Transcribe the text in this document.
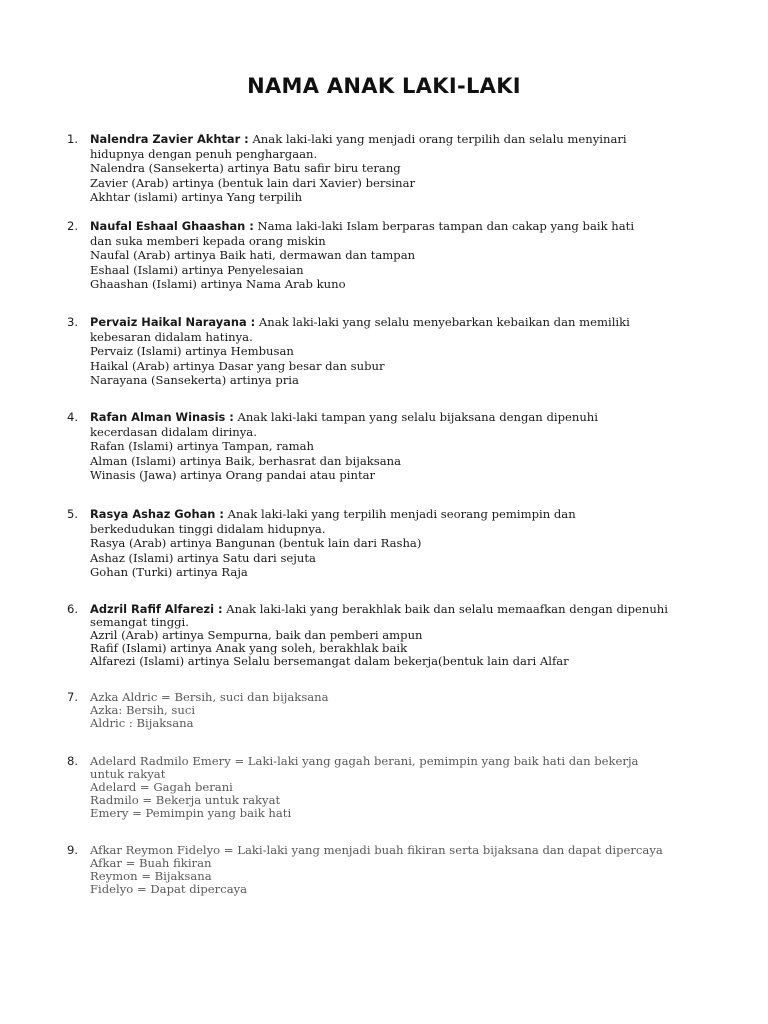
NAMA ANAK LAKI-LAKI
1.	Nalendra Zavier Akhtar : Anak laki-laki yang menjadi orang terpilih dan selalu menyinari
hidupnya dengan penuh penghargaan.
Nalendra (Sansekerta) artinya Batu safir biru terang
Zavier (Arab) artinya (bentuk lain dari Xavier) bersinar
Akhtar (islami) artinya Yang terpilih
2.	Naufal Eshaal Ghaashan : Nama laki-laki Islam berparas tampan dan cakap yang baik hati
dan suka memberi kepada orang miskin
Naufal (Arab) artinya Baik hati, dermawan dan tampan
Eshaal (Islami) artinya Penyelesaian
Ghaashan (Islami) artinya Nama Arab kuno
3.	Pervaiz Haikal Narayana : Anak laki-laki yang selalu menyebarkan kebaikan dan memiliki
kebesaran didalam hatinya.
Pervaiz (Islami) artinya Hembusan
Haikal (Arab) artinya Dasar yang besar dan subur
Narayana (Sansekerta) artinya pria
4.	Rafan Alman Winasis : Anak laki-laki tampan yang selalu bijaksana dengan dipenuhi
kecerdasan didalam dirinya.
Rafan (Islami) artinya Tampan, ramah
Alman (Islami) artinya Baik, berhasrat dan bijaksana
Winasis (Jawa) artinya Orang pandai atau pintar
5.	Rasya Ashaz Gohan : Anak laki-laki yang terpilih menjadi seorang pemimpin dan
berkedudukan tinggi didalam hidupnya.
Rasya (Arab) artinya Bangunan (bentuk lain dari Rasha)
Ashaz (Islami) artinya Satu dari sejuta
Gohan (Turki) artinya Raja
6.	Adzril Rafif Alfarezi : Anak laki-laki yang berakhlak baik dan selalu memaafkan dengan dipenuhi
semangat tinggi.
Azril (Arab) artinya Sempurna, baik dan pemberi ampun
Rafif (Islami) artinya Anak yang soleh, berakhlak baik
Alfarezi (Islami) artinya Selalu bersemangat dalam bekerja(bentuk lain dari Alfar
7.	Azka Aldric = Bersih, suci dan bijaksana
Azka: Bersih, suci
Aldric : Bijaksana
8.	Adelard Radmilo Emery = Laki-laki yang gagah berani, pemimpin yang baik hati dan bekerja
untuk rakyat
Adelard = Gagah berani
Radmilo = Bekerja untuk rakyat
Emery = Pemimpin yang baik hati
9.	Afkar Reymon Fidelyo = Laki-laki yang menjadi buah fikiran serta bijaksana dan dapat dipercaya
Afkar = Buah fikiran
Reymon = Bijaksana
Fidelyo = Dapat dipercaya
